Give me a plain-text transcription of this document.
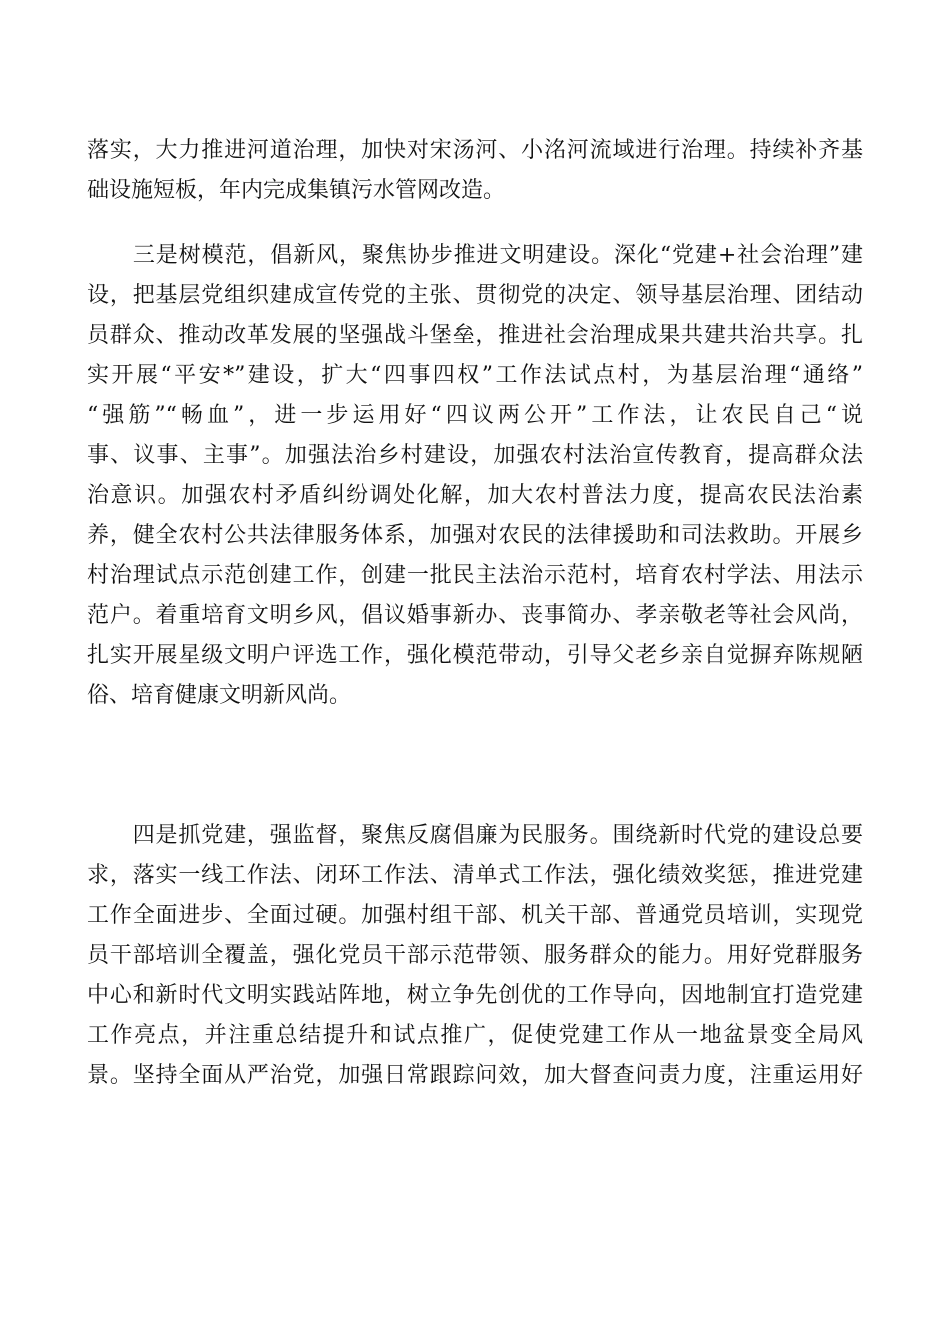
落实，大力推进河道治理，加快对宋汤河、小洺河流域进行治理。持续补齐基
础设施短板，年内完成集镇污水管网改造。
　　三是树模范，倡新风，聚焦协步推进文明建设。深化“党建+社会治理”建
设，把基层党组织建成宣传党的主张、贯彻党的决定、领导基层治理、团结动
员群众、推动改革发展的坚强战斗堡垒，推进社会治理成果共建共治共享。扎
实开展“平安*”建设，扩大“四事四权”工作法试点村，为基层治理“通络”
“强筋”“畅血”，进一步运用好“四议两公开”工作法，让农民自己“说
事、议事、主事”。加强法治乡村建设，加强农村法治宣传教育，提高群众法
治意识。加强农村矛盾纠纷调处化解，加大农村普法力度，提高农民法治素
养，健全农村公共法律服务体系，加强对农民的法律援助和司法救助。开展乡
村治理试点示范创建工作，创建一批民主法治示范村，培育农村学法、用法示
范户。着重培育文明乡风，倡议婚事新办、丧事简办、孝亲敬老等社会风尚，
扎实开展星级文明户评选工作，强化模范带动，引导父老乡亲自觉摒弃陈规陋
俗、培育健康文明新风尚。
　　四是抓党建，强监督，聚焦反腐倡廉为民服务。围绕新时代党的建设总要
求，落实一线工作法、闭环工作法、清单式工作法，强化绩效奖惩，推进党建
工作全面进步、全面过硬。加强村组干部、机关干部、普通党员培训，实现党
员干部培训全覆盖，强化党员干部示范带领、服务群众的能力。用好党群服务
中心和新时代文明实践站阵地，树立争先创优的工作导向，因地制宜打造党建
工作亮点，并注重总结提升和试点推广，促使党建工作从一地盆景变全局风
景。坚持全面从严治党，加强日常跟踪问效，加大督查问责力度，注重运用好
